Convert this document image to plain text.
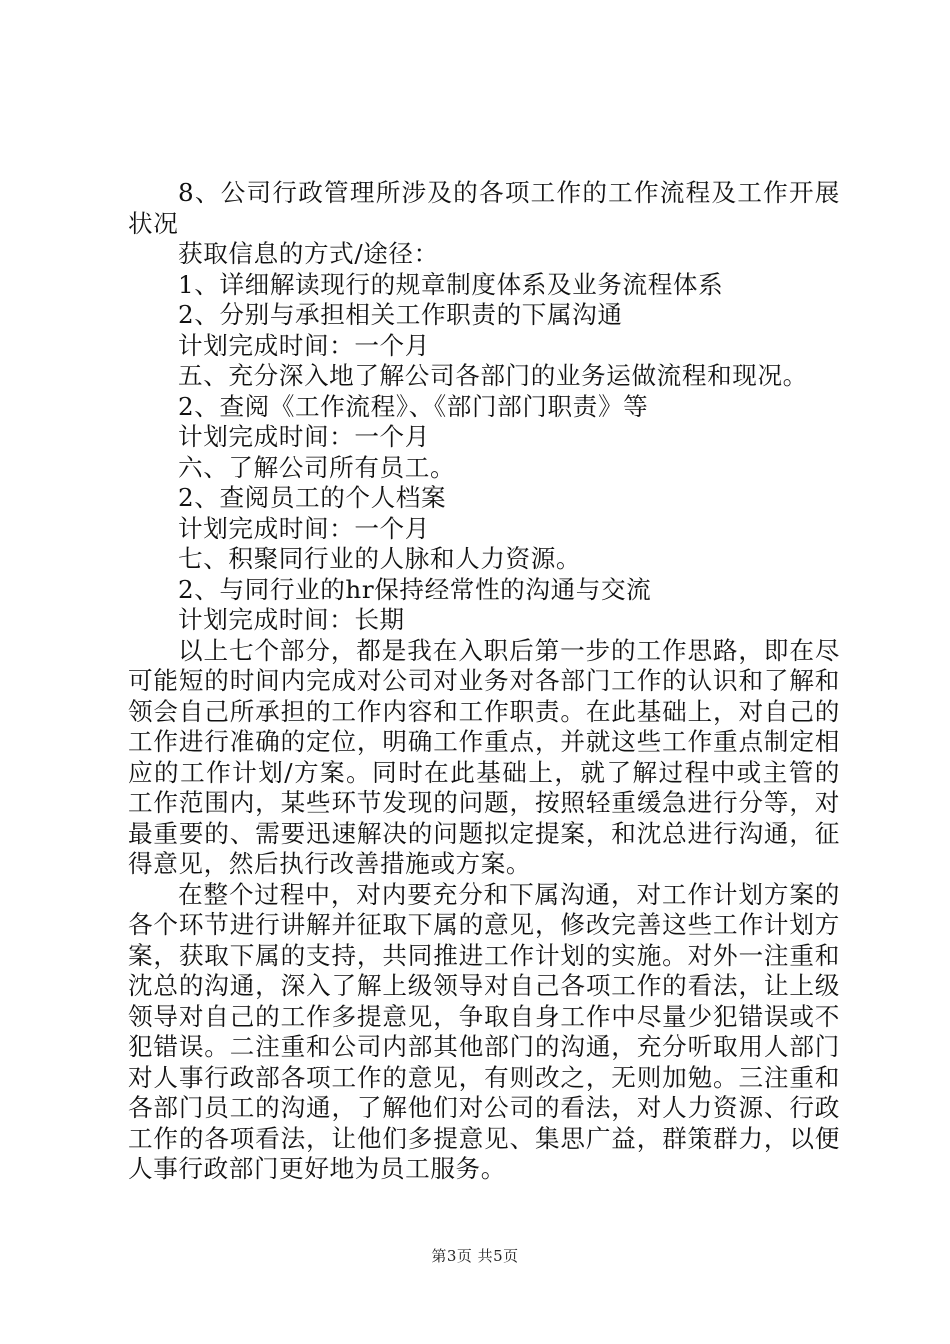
8、公司行政管理所涉及的各项工作的工作流程及工作开展状况

获取信息的方式/途径：

1、详细解读现行的规章制度体系及业务流程体系

2、分别与承担相关工作职责的下属沟通

计划完成时间：一个月

五、充分深入地了解公司各部门的业务运做流程和现况。

2、查阅《工作流程》、《部门部门职责》等

计划完成时间：一个月

六、了解公司所有员工。

2、查阅员工的个人档案

计划完成时间：一个月

七、积聚同行业的人脉和人力资源。

2、与同行业的hr保持经常性的沟通与交流

计划完成时间：长期

以上七个部分，都是我在入职后第一步的工作思路，即在尽可能短的时间内完成对公司对业务对各部门工作的认识和了解和领会自己所承担的工作内容和工作职责。在此基础上，对自己的工作进行准确的定位，明确工作重点，并就这些工作重点制定相应的工作计划/方案。同时在此基础上，就了解过程中或主管的工作范围内，某些环节发现的问题，按照轻重缓急进行分等，对最重要的、需要迅速解决的问题拟定提案，和沈总进行沟通，征得意见，然后执行改善措施或方案。

在整个过程中，对内要充分和下属沟通，对工作计划方案的各个环节进行讲解并征取下属的意见，修改完善这些工作计划方案，获取下属的支持，共同推进工作计划的实施。对外一注重和沈总的沟通，深入了解上级领导对自己各项工作的看法，让上级领导对自己的工作多提意见，争取自身工作中尽量少犯错误或不犯错误。二注重和公司内部其他部门的沟通，充分听取用人部门对人事行政部各项工作的意见，有则改之，无则加勉。三注重和各部门员工的沟通，了解他们对公司的看法，对人力资源、行政工作的各项看法，让他们多提意见、集思广益，群策群力，以便人事行政部门更好地为员工服务。

第3页 共5页
